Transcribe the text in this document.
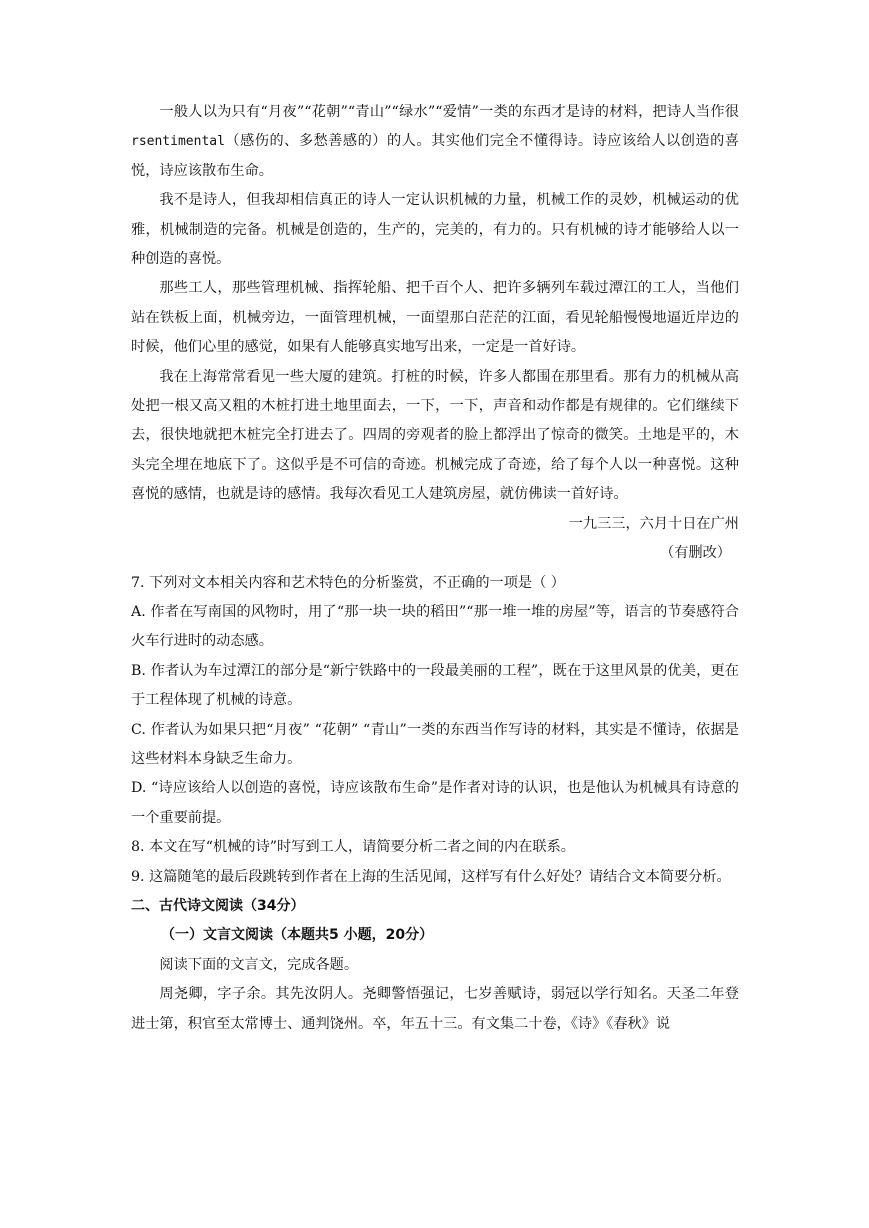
一般人以为只有“月夜”“花朝”“青山”“绿水”“爱情”一类的东西才是诗的材料，把诗人当作很rsentimental（感伤的、多愁善感的）的人。其实他们完全不懂得诗。诗应该给人以创造的喜悦，诗应该散布生命。

我不是诗人，但我却相信真正的诗人一定认识机械的力量，机械工作的灵妙，机械运动的优雅，机械制造的完备。机械是创造的，生产的，完美的，有力的。只有机械的诗才能够给人以一种创造的喜悦。

那些工人，那些管理机械、指挥轮船、把千百个人、把许多辆列车载过潭江的工人，当他们站在铁板上面，机械旁边，一面管理机械，一面望那白茫茫的江面，看见轮船慢慢地逼近岸边的时候，他们心里的感觉，如果有人能够真实地写出来，一定是一首好诗。

我在上海常常看见一些大厦的建筑。打桩的时候，许多人都围在那里看。那有力的机械从高处把一根又高又粗的木桩打进土地里面去，一下，一下，声音和动作都是有规律的。它们继续下去，很快地就把木桩完全打进去了。四周的旁观者的脸上都浮出了惊奇的微笑。土地是平的，木头完全埋在地底下了。这似乎是不可信的奇迹。机械完成了奇迹，给了每个人以一种喜悦。这种喜悦的感情，也就是诗的感情。我每次看见工人建筑房屋，就仿佛读一首好诗。

一九三三，六月十日在广州

（有删改）

7. 下列对文本相关内容和艺术特色的分析鉴赏，不正确的一项是（ ）

A. 作者在写南国的风物时，用了“那一块一块的稻田”“那一堆一堆的房屋”等，语言的节奏感符合火车行进时的动态感。

B. 作者认为车过潭江的部分是“新宁铁路中的一段最美丽的工程”，既在于这里风景的优美，更在于工程体现了机械的诗意。

C. 作者认为如果只把“月夜” “花朝” “青山”一类的东西当作写诗的材料，其实是不懂诗，依据是这些材料本身缺乏生命力。

D. “诗应该给人以创造的喜悦，诗应该散布生命”是作者对诗的认识，也是他认为机械具有诗意的一个重要前提。

8. 本文在写“机械的诗”时写到工人，请简要分析二者之间的内在联系。

9. 这篇随笔的最后段跳转到作者在上海的生活见闻，这样写有什么好处？请结合文本简要分析。

二、古代诗文阅读（34分）

（一）文言文阅读（本题共5 小题，20分）

阅读下面的文言文，完成各题。

周尧卿，字子余。其先汝阴人。尧卿警悟强记，七岁善赋诗，弱冠以学行知名。天圣二年登进士第，积官至太常博士、通判饶州。卒，年五十三。有文集二十卷，《诗》《春秋》说
